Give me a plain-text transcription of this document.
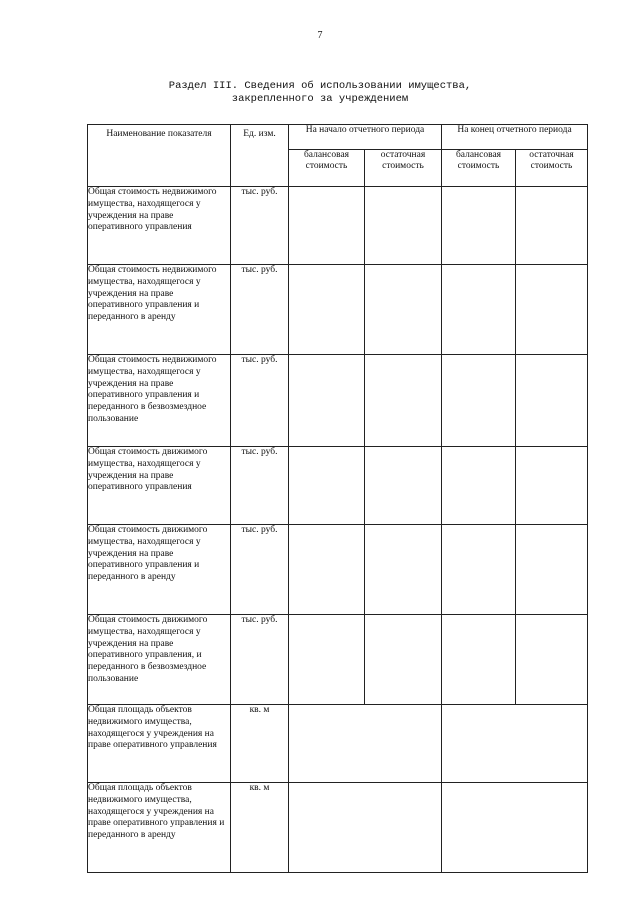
7
Раздел III. Сведения об использовании имущества,
закрепленного за учреждением
Наименование показателя	Ед. изм.	На начало отчетного периода		На конец отчетного периода	
		балансовая стоимость	остаточная стоимость	балансовая стоимость	остаточная стоимость
Общая стоимость недвижимого имущества, находящегося у учреждения на праве оперативного управления	тыс. руб.				
Общая стоимость недвижимого имущества, находящегося у учреждения на праве оперативного управления и переданного в аренду	тыс. руб.				
Общая стоимость недвижимого имущества, находящегося у учреждения на праве оперативного управления и переданного в безвозмездное пользование	тыс. руб.				
Общая стоимость движимого имущества, находящегося у учреждения на праве оперативного управления	тыс. руб.				
Общая стоимость движимого имущества, находящегося у учреждения на праве оперативного управления и переданного в аренду	тыс. руб.				
Общая стоимость движимого имущества, находящегося у учреждения на праве оперативного управления, и переданного в безвозмездное пользование	тыс. руб.				
Общая площадь объектов недвижимого имущества, находящегося у учреждения на праве оперативного управления	кв. м				
Общая площадь объектов недвижимого имущества, находящегося у учреждения на праве оперативного управления и переданного в аренду	кв. м				
